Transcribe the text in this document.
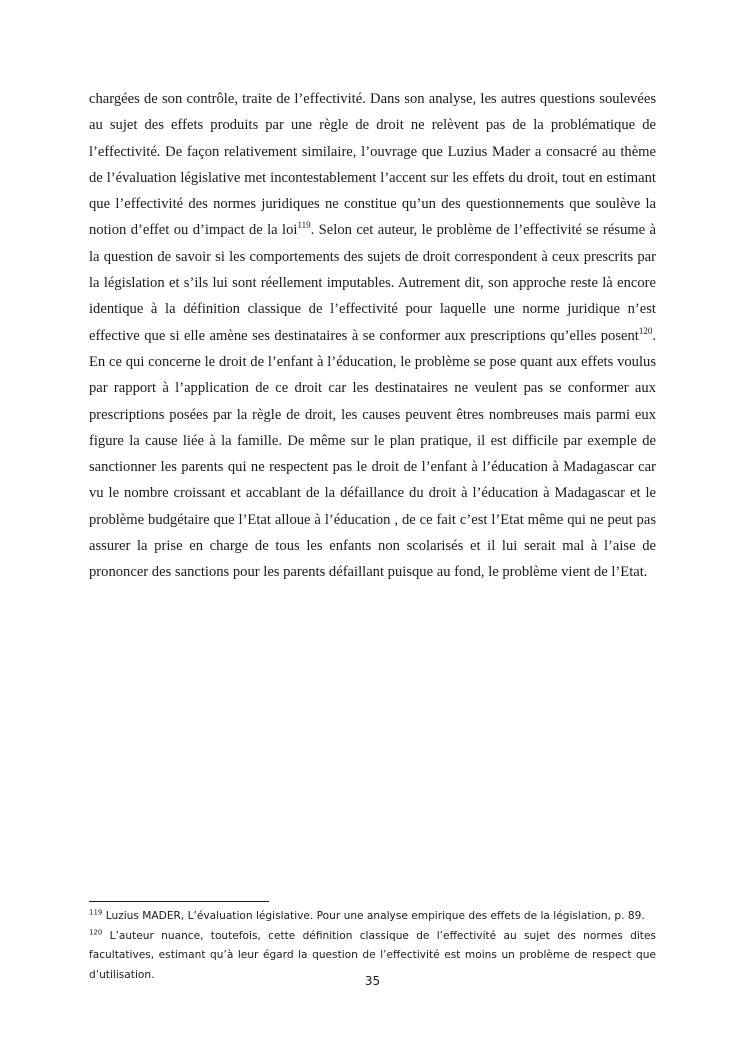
chargées de son contrôle, traite de l’effectivité. Dans son analyse, les autres questions soulevées au sujet des effets produits par une règle de droit ne relèvent pas de la problématique de l’effectivité. De façon relativement similaire, l’ouvrage que Luzius Mader a consacré au thème de l’évaluation législative met incontestablement l’accent sur les effets du droit, tout en estimant que l’effectivité des normes juridiques ne constitue qu’un des questionnements que soulève la notion d’effet ou d’impact de la loi$^{119}$. Selon cet auteur, le problème de l’effectivité se résume à la question de savoir si les comportements des sujets de droit correspondent à ceux prescrits par la législation et s’ils lui sont réellement imputables. Autrement dit, son approche reste là encore identique à la définition classique de l’effectivité pour laquelle une norme juridique n’est effective que si elle amène ses destinataires à se conformer aux prescriptions qu’elles posent$^{120}$. En ce qui concerne le droit de l’enfant à l’éducation, le problème se pose quant aux effets voulus par rapport à l’application de ce droit car les destinataires ne veulent pas se conformer aux prescriptions posées par la règle de droit, les causes peuvent êtres nombreuses mais parmi eux figure la cause liée à la famille. De même sur le plan pratique, il est difficile par exemple de sanctionner les parents qui ne respectent pas le droit de l’enfant à l’éducation à Madagascar car vu le nombre croissant et accablant de la défaillance du droit à l’éducation à Madagascar et le problème budgétaire que l’Etat alloue à l’éducation , de ce fait c’est l’Etat même qui ne peut pas assurer la prise en charge de tous les enfants non scolarisés et il lui serait mal à l’aise de prononcer des sanctions pour les parents défaillant puisque au fond, le problème vient de l’Etat.

$^{119}$ Luzius MADER, L’évaluation législative. Pour une analyse empirique des effets de la législation, p. 89.

$^{120}$ L’auteur nuance, toutefois, cette définition classique de l’effectivité au sujet des normes dites facultatives, estimant qu’à leur égard la question de l’effectivité est moins un problème de respect que d’utilisation.	35
